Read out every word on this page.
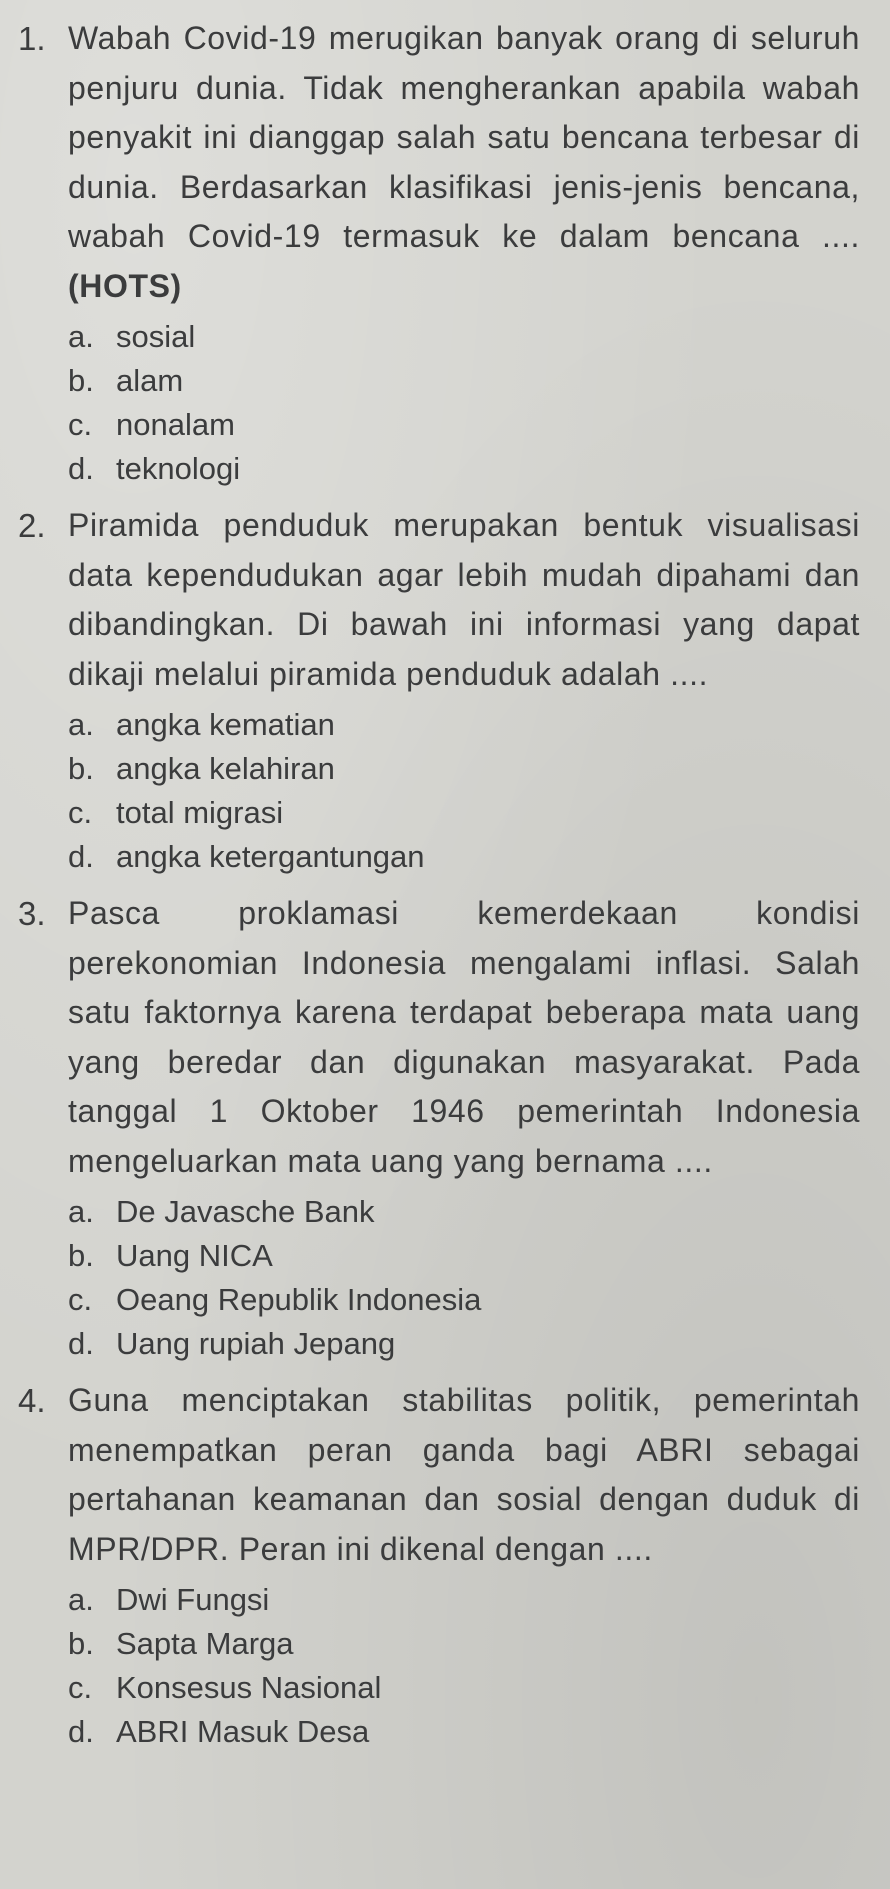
1. Wabah Covid-19 merugikan banyak orang di seluruh penjuru dunia. Tidak mengherankan apabila wabah penyakit ini dianggap salah satu bencana terbesar di dunia. Berdasarkan klasifikasi jenis-jenis bencana, wabah Covid-19 termasuk ke dalam bencana .... (HOTS)
a. sosial
b. alam
c. nonalam
d. teknologi
2. Piramida penduduk merupakan bentuk visualisasi data kependudukan agar lebih mudah dipahami dan dibandingkan. Di bawah ini informasi yang dapat dikaji melalui piramida penduduk adalah ....
a. angka kematian
b. angka kelahiran
c. total migrasi
d. angka ketergantungan
3. Pasca proklamasi kemerdekaan kondisi perekonomian Indonesia mengalami inflasi. Salah satu faktornya karena terdapat beberapa mata uang yang beredar dan digunakan masyarakat. Pada tanggal 1 Oktober 1946 pemerintah Indonesia mengeluarkan mata uang yang bernama ....
a. De Javasche Bank
b. Uang NICA
c. Oeang Republik Indonesia
d. Uang rupiah Jepang
4. Guna menciptakan stabilitas politik, pemerintah menempatkan peran ganda bagi ABRI sebagai pertahanan keamanan dan sosial dengan duduk di MPR/DPR. Peran ini dikenal dengan ....
a. Dwi Fungsi
b. Sapta Marga
c. Konsesus Nasional
d. ABRI Masuk Desa
